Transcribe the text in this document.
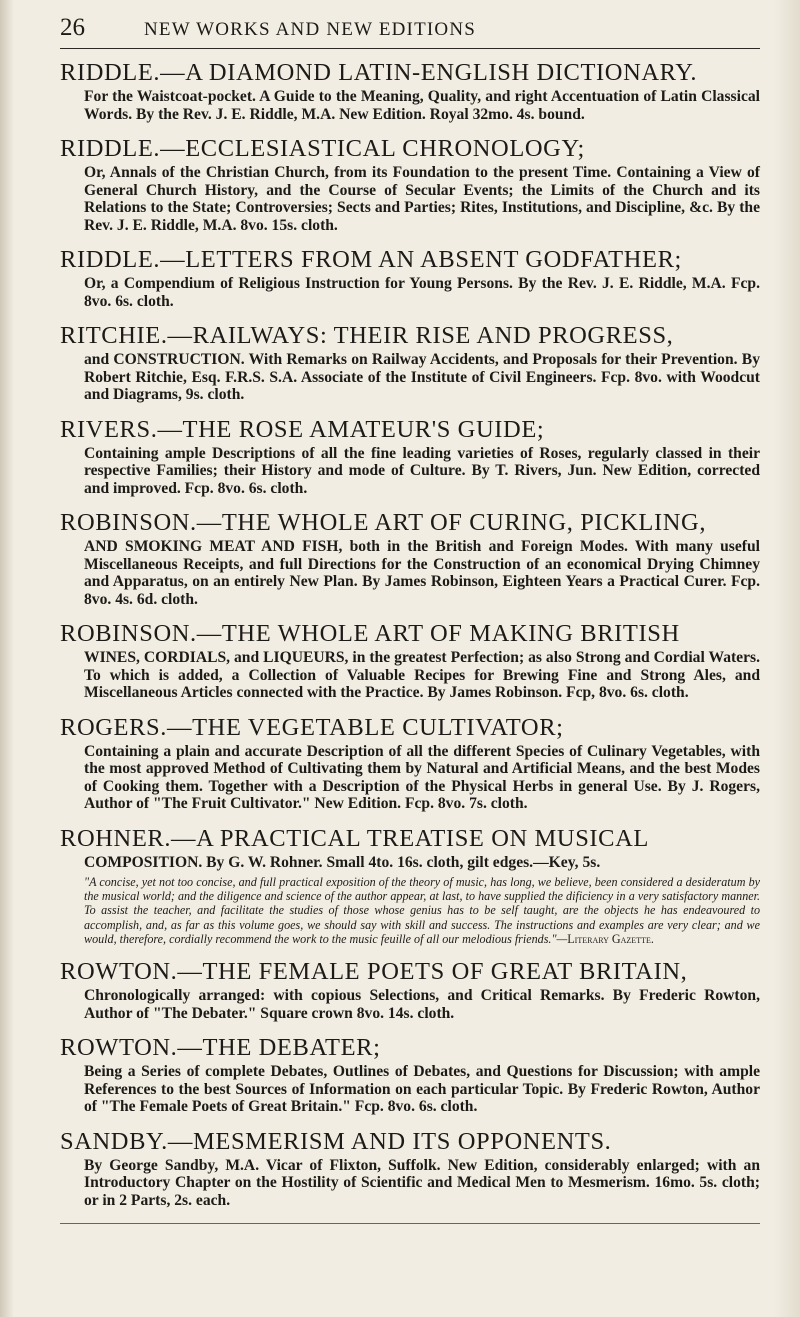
26	NEW WORKS AND NEW EDITIONS
RIDDLE.—A DIAMOND LATIN-ENGLISH DICTIONARY.
For the Waistcoat-pocket. A Guide to the Meaning, Quality, and right Accentuation of Latin Classical Words. By the Rev. J. E. Riddle, M.A. New Edition. Royal 32mo. 4s. bound.
RIDDLE.—ECCLESIASTICAL CHRONOLOGY;
Or, Annals of the Christian Church, from its Foundation to the present Time. Containing a View of General Church History, and the Course of Secular Events; the Limits of the Church and its Relations to the State; Controversies; Sects and Parties; Rites, Institutions, and Discipline, &c. By the Rev. J. E. Riddle, M.A. 8vo. 15s. cloth.
RIDDLE.—LETTERS FROM AN ABSENT GODFATHER;
Or, a Compendium of Religious Instruction for Young Persons. By the Rev. J. E. Riddle, M.A. Fcp. 8vo. 6s. cloth.
RITCHIE.—RAILWAYS: THEIR RISE AND PROGRESS,
and CONSTRUCTION. With Remarks on Railway Accidents, and Proposals for their Prevention. By Robert Ritchie, Esq. F.R.S. S.A. Associate of the Institute of Civil Engineers. Fcp. 8vo. with Woodcut and Diagrams, 9s. cloth.
RIVERS.—THE ROSE AMATEUR'S GUIDE;
Containing ample Descriptions of all the fine leading varieties of Roses, regularly classed in their respective Families; their History and mode of Culture. By T. Rivers, Jun. New Edition, corrected and improved. Fcp. 8vo. 6s. cloth.
ROBINSON.—THE WHOLE ART OF CURING, PICKLING,
AND SMOKING MEAT AND FISH, both in the British and Foreign Modes. With many useful Miscellaneous Receipts, and full Directions for the Construction of an economical Drying Chimney and Apparatus, on an entirely New Plan. By James Robinson, Eighteen Years a Practical Curer. Fcp. 8vo. 4s. 6d. cloth.
ROBINSON.—THE WHOLE ART OF MAKING BRITISH
WINES, CORDIALS, and LIQUEURS, in the greatest Perfection; as also Strong and Cordial Waters. To which is added, a Collection of Valuable Recipes for Brewing Fine and Strong Ales, and Miscellaneous Articles connected with the Practice. By James Robinson. Fcp, 8vo. 6s. cloth.
ROGERS.—THE VEGETABLE CULTIVATOR;
Containing a plain and accurate Description of all the different Species of Culinary Vegetables, with the most approved Method of Cultivating them by Natural and Artificial Means, and the best Modes of Cooking them. Together with a Description of the Physical Herbs in general Use. By J. Rogers, Author of "The Fruit Cultivator." New Edition. Fcp. 8vo. 7s. cloth.
ROHNER.—A PRACTICAL TREATISE ON MUSICAL
COMPOSITION. By G. W. Rohner. Small 4to. 16s. cloth, gilt edges.—Key, 5s.
"A concise, yet not too concise, and full practical exposition of the theory of music, has long, we believe, been considered a desideratum by the musical world; and the diligence and science of the author appear, at last, to have supplied the dificiency in a very satisfactory manner. To assist the teacher, and facilitate the studies of those whose genius has to be self taught, are the objects he has endeavoured to accomplish, and, as far as this volume goes, we should say with skill and success. The instructions and examples are very clear; and we would, therefore, cordially recommend the work to the music feuille of all our melodious friends."—Literary Gazette.
ROWTON.—THE FEMALE POETS OF GREAT BRITAIN,
Chronologically arranged: with copious Selections, and Critical Remarks. By Frederic Rowton, Author of "The Debater." Square crown 8vo. 14s. cloth.
ROWTON.—THE DEBATER;
Being a Series of complete Debates, Outlines of Debates, and Questions for Discussion; with ample References to the best Sources of Information on each particular Topic. By Frederic Rowton, Author of "The Female Poets of Great Britain." Fcp. 8vo. 6s. cloth.
SANDBY.—MESMERISM AND ITS OPPONENTS.
By George Sandby, M.A. Vicar of Flixton, Suffolk. New Edition, considerably enlarged; with an Introductory Chapter on the Hostility of Scientific and Medical Men to Mesmerism. 16mo. 5s. cloth; or in 2 Parts, 2s. each.
